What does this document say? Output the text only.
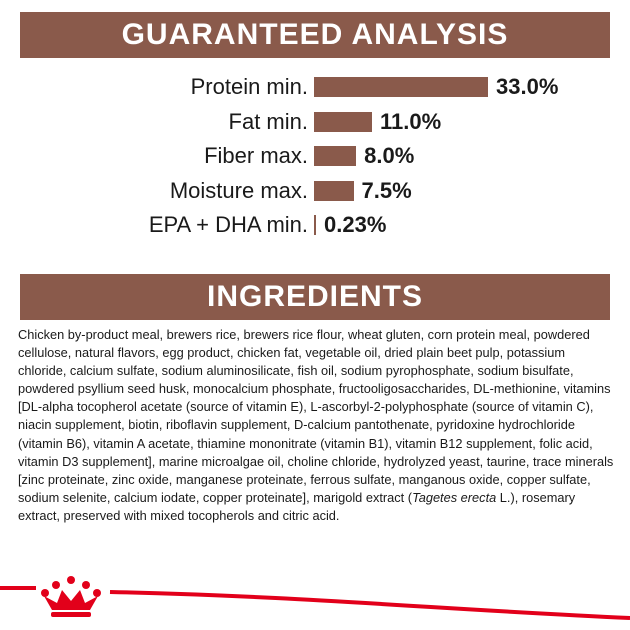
GUARANTEED ANALYSIS
Protein min.	33.0%
Fat min.	11.0%
Fiber max.	8.0%
Moisture max. 7.5%
EPA + DHA min. 0.23%
INGREDIENTS
Chicken by-product meal, brewers rice, brewers rice flour, wheat gluten, corn protein meal, powdered cellulose, natural flavors, egg product, chicken fat, vegetable oil, dried plain beet pulp, potassium chloride, calcium sulfate, sodium aluminosilicate, fish oil, sodium pyrophosphate, sodium bisulfate, powdered psyllium seed husk, monocalcium phosphate, fructooligosaccharides, DL-methionine, vitamins [DL-alpha tocopherol acetate (source of vitamin E), L-ascorbyl-2-polyphosphate (source of vitamin C), niacin supplement, biotin, riboflavin supplement, D-calcium pantothenate, pyridoxine hydrochloride (vitamin B6), vitamin A acetate, thiamine mononitrate (vitamin B1), vitamin B12 supplement, folic acid, vitamin D3 supplement], marine microalgae oil, choline chloride, hydrolyzed yeast, taurine, trace minerals [zinc proteinate, zinc oxide, manganese proteinate, ferrous sulfate, manganous oxide, copper sulfate, sodium selenite, calcium iodate, copper proteinate], marigold extract (Tagetes erecta L.), rosemary extract, preserved with mixed tocopherols and citric acid.
